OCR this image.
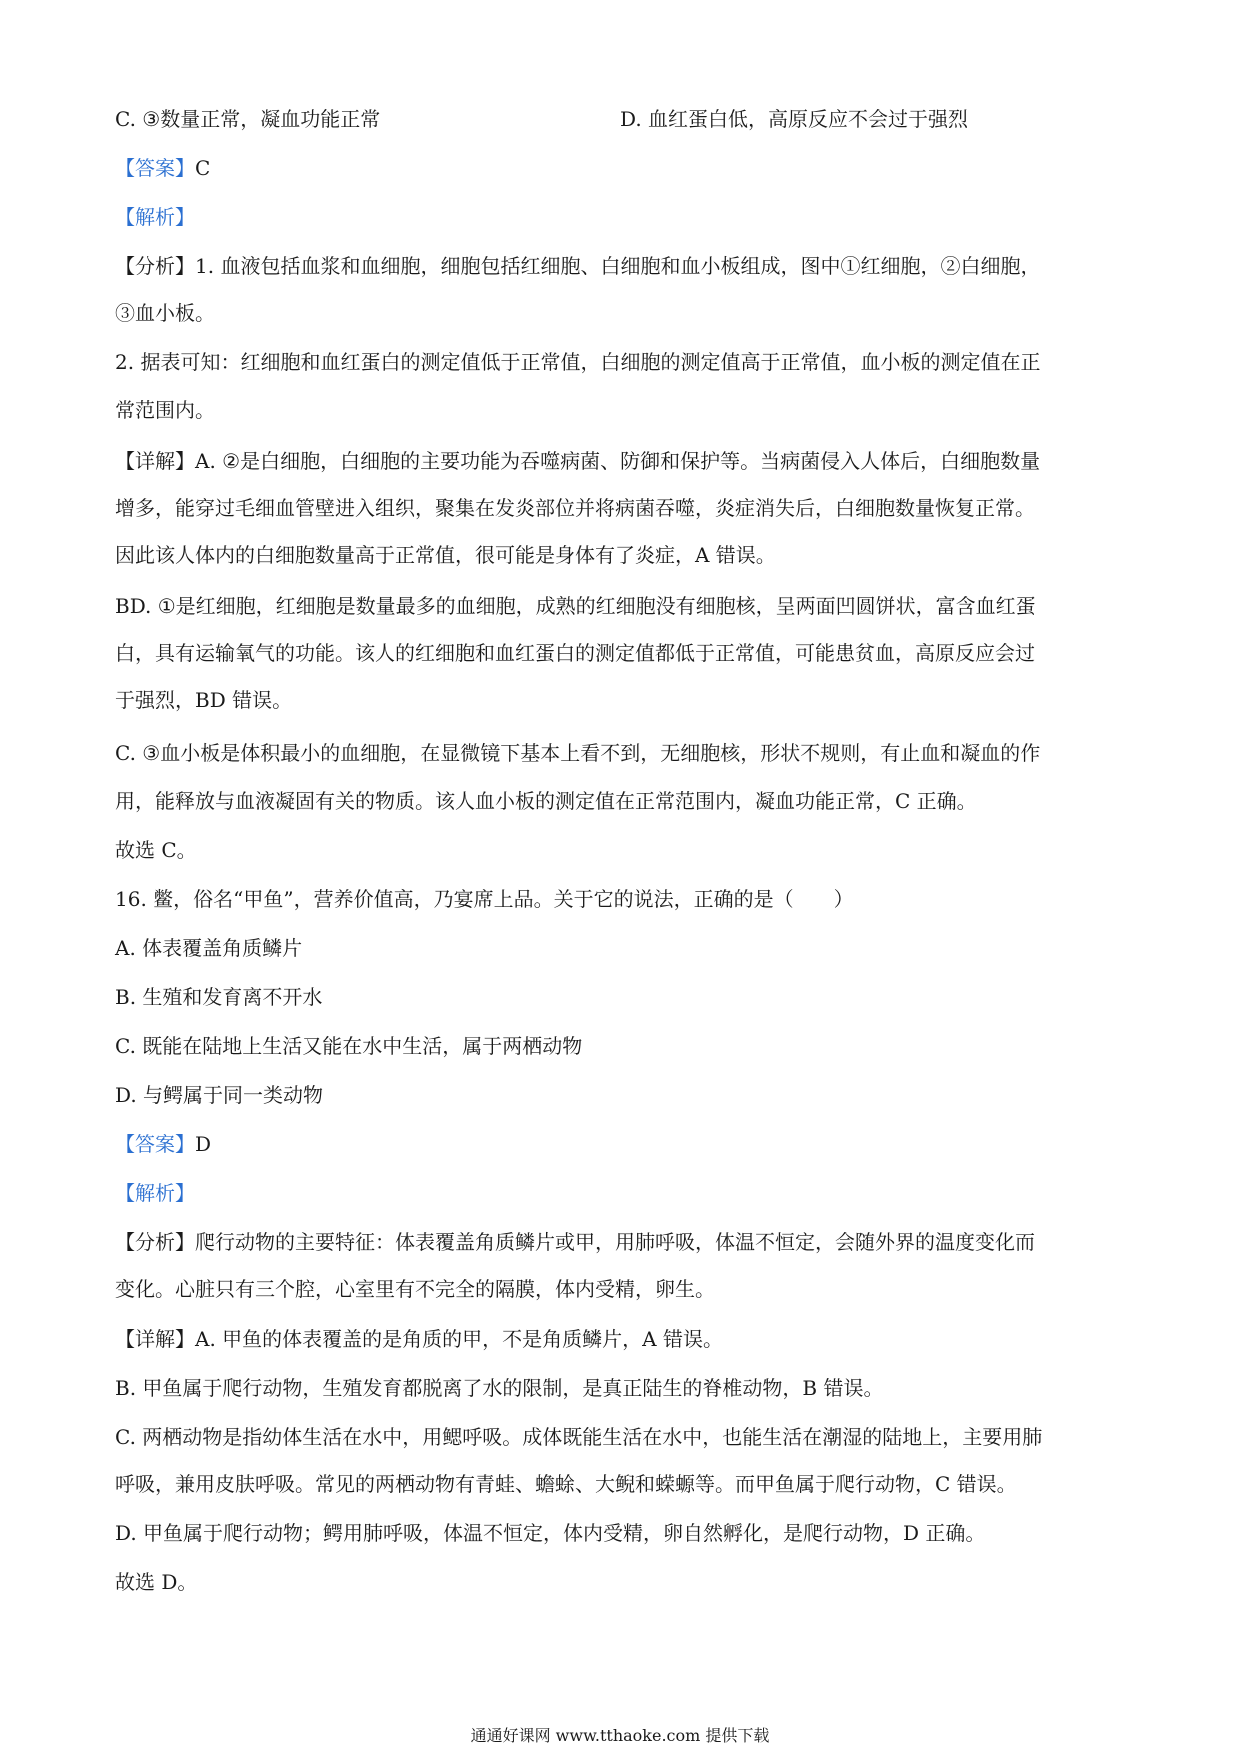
C. ③数量正常，凝血功能正常	D. 血红蛋白低，高原反应不会过于强烈
【答案】C
【解析】
【分析】1. 血液包括血浆和血细胞，细胞包括红细胞、白细胞和血小板组成，图中①红细胞，②白细胞，
③血小板。
2. 据表可知：红细胞和血红蛋白的测定值低于正常值，白细胞的测定值高于正常值，血小板的测定值在正
常范围内。
【详解】A. ②是白细胞，白细胞的主要功能为吞噬病菌、防御和保护等。当病菌侵入人体后，白细胞数量
增多，能穿过毛细血管壁进入组织，聚集在发炎部位并将病菌吞噬，炎症消失后，白细胞数量恢复正常。
因此该人体内的白细胞数量高于正常值，很可能是身体有了炎症，A 错误。
BD. ①是红细胞，红细胞是数量最多的血细胞，成熟的红细胞没有细胞核，呈两面凹圆饼状，富含血红蛋
白，具有运输氧气的功能。该人的红细胞和血红蛋白的测定值都低于正常值，可能患贫血，高原反应会过
于强烈，BD 错误。
C. ③血小板是体积最小的血细胞，在显微镜下基本上看不到，无细胞核，形状不规则，有止血和凝血的作
用，能释放与血液凝固有关的物质。该人血小板的测定值在正常范围内，凝血功能正常，C 正确。
故选 C。
16. 鳖，俗名“甲鱼”，营养价值高，乃宴席上品。关于它的说法，正确的是（　　）
A. 体表覆盖角质鳞片
B. 生殖和发育离不开水
C. 既能在陆地上生活又能在水中生活，属于两栖动物
D. 与鳄属于同一类动物
【答案】D
【解析】
【分析】爬行动物的主要特征：体表覆盖角质鳞片或甲，用肺呼吸，体温不恒定，会随外界的温度变化而
变化。心脏只有三个腔，心室里有不完全的隔膜，体内受精，卵生。
【详解】A. 甲鱼的体表覆盖的是角质的甲，不是角质鳞片，A 错误。
B. 甲鱼属于爬行动物，生殖发育都脱离了水的限制，是真正陆生的脊椎动物，B 错误。
C. 两栖动物是指幼体生活在水中，用鳃呼吸。成体既能生活在水中，也能生活在潮湿的陆地上，主要用肺
呼吸，兼用皮肤呼吸。常见的两栖动物有青蛙、蟾蜍、大鲵和蝾螈等。而甲鱼属于爬行动物，C 错误。
D. 甲鱼属于爬行动物；鳄用肺呼吸，体温不恒定，体内受精，卵自然孵化，是爬行动物，D 正确。
故选 D。
通通好课网 www.tthaoke.com 提供下载
